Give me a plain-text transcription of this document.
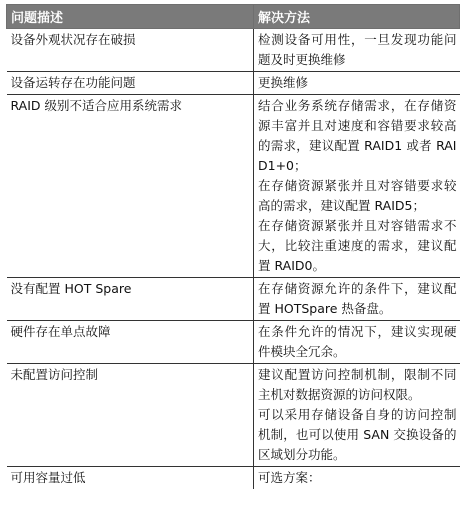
问题描述	解决方法
设备外观状况存在破损	检测设备可用性，一旦发现功能问题及时更换维修
设备运转存在功能问题	更换维修
RAID 级别不适合应用系统需求	结合业务系统存储需求，在存储资源丰富并且对速度和容错要求较高的需求，建议配置 RAID1 或者 RAID1+0；
在存储资源紧张并且对容错要求较高的需求，建议配置 RAID5；
在存储资源紧张并且对容错需求不大，比较注重速度的需求，建议配置 RAID0。

没有配置 HOT Spare	在存储资源允许的条件下，建议配置 HOTSpare 热备盘。
硬件存在单点故障	在条件允许的情况下，建议实现硬件模块全冗余。
未配置访问控制	建议配置访问控制机制，限制不同主机对数据资源的访问权限。
可以采用存储设备自身的访问控制机制，也可以使用 SAN 交换设备的区域划分功能。

可用容量过低	可选方案：
